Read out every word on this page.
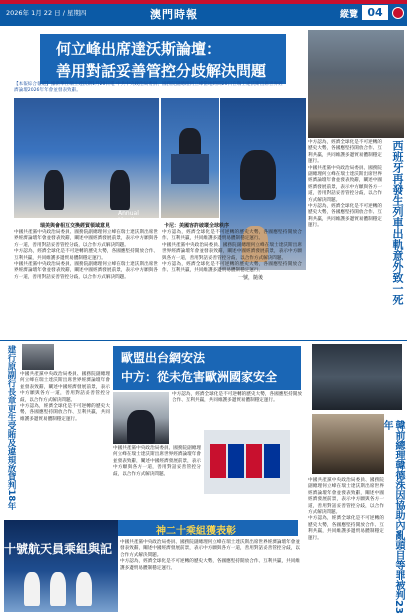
2026年 1月 22 日 / 星期四	澳門時報	縱覽 04
何立峰出席達沃斯論壇：
善用對話妥善管控分歧解決問題
【本報綜合報道】據新華社瑞士達沃斯1月20日電 中共中央政治局委員、國務院副總理何立峰當地時間20日在瑞士達沃斯出席世界經濟論壇2026年年會並發表致辭。
Annual Meeting Davos 2026
瑞美與會相互交換經貿領域意見	卡尼：美國容許破壞全球秩序
一號，隨後
中國共產黨中央政治局委員、國務院副總理何立峰在瑞士達沃斯出席世界經濟論壇年會並發表致辭，闡述中國經濟發展前景，表示中方願與各方一道，善用對話妥善管控分歧，以合作方式解決問題。
中方認為，經濟全球化是不可逆轉的歷史大勢，各國應堅持開放合作、互利共贏，共同維護多邊貿易體制穩定運行。
中國共產黨中央政治局委員、國務院副總理何立峰在瑞士達沃斯出席世界經濟論壇年會並發表致辭，闡述中國經濟發展前景，表示中方願與各方一道，善用對話妥善管控分歧，以合作方式解決問題。
中方認為，經濟全球化是不可逆轉的歷史大勢，各國應堅持開放合作、互利共贏，共同維護多邊貿易體制穩定運行。
中國共產黨中央政治局委員、國務院副總理何立峰在瑞士達沃斯出席世界經濟論壇年會並發表致辭，闡述中國經濟發展前景，表示中方願與各方一道，善用對話妥善管控分歧，以合作方式解決問題。
中方認為，經濟全球化是不可逆轉的歷史大勢，各國應堅持開放合作、互利共贏，共同維護多邊貿易體制穩定運行。
中方認為，經濟全球化是不可逆轉的歷史大勢，各國應堅持開放合作、互利共贏，共同維護多邊貿易體制穩定運行。
中國共產黨中央政治局委員、國務院副總理何立峰在瑞士達沃斯出席世界經濟論壇年會並發表致辭，闡述中國經濟發展前景，表示中方願與各方一道，善用對話妥善管控分歧，以合作方式解決問題。
中方認為，經濟全球化是不可逆轉的歷史大勢，各國應堅持開放合作、互利共贏，共同維護多邊貿易體制穩定運行。	西班牙再發生列車出軌意外致一死
建行原副行長章更生受賄及違規放貸判18年 中國共產黨中央政治局委員、國務院副總理何立峰在瑞士達沃斯出席世界經濟論壇年會並發表致辭，闡述中國經濟發展前景，表示中方願與各方一道，善用對話妥善管控分歧，以合作方式解決問題。
中方認為，經濟全球化是不可逆轉的歷史大勢，各國應堅持開放合作、互利共贏，共同維護多邊貿易體制穩定運行。
歐盟出台網安法
中方：從未危害歐洲國家安全
中方認為，經濟全球化是不可逆轉的歷史大勢，各國應堅持開放合作、互利共贏，共同維護多邊貿易體制穩定運行。
中國共產黨中央政治局委員、國務院副總理何立峰在瑞士達沃斯出席世界經濟論壇年會並發表致辭，闡述中國經濟發展前景，表示中方願與各方一道，善用對話妥善管控分歧，以合作方式解決問題。	韓前總理韓德洙因協助內亂頭目等罪被判23年
中國共產黨中央政治局委員、國務院副總理何立峰在瑞士達沃斯出席世界經濟論壇年會並發表致辭，闡述中國經濟發展前景，表示中方願與各方一道，善用對話妥善管控分歧，以合作方式解決問題。
中方認為，經濟全球化是不可逆轉的歷史大勢，各國應堅持開放合作、互利共贏，共同維護多邊貿易體制穩定運行。
十號航天員乘組與記
神二十乘組獲表彰
中國共產黨中央政治局委員、國務院副總理何立峰在瑞士達沃斯出席世界經濟論壇年會並發表致辭，闡述中國經濟發展前景，表示中方願與各方一道，善用對話妥善管控分歧，以合作方式解決問題。
中方認為，經濟全球化是不可逆轉的歷史大勢，各國應堅持開放合作、互利共贏，共同維護多邊貿易體制穩定運行。
